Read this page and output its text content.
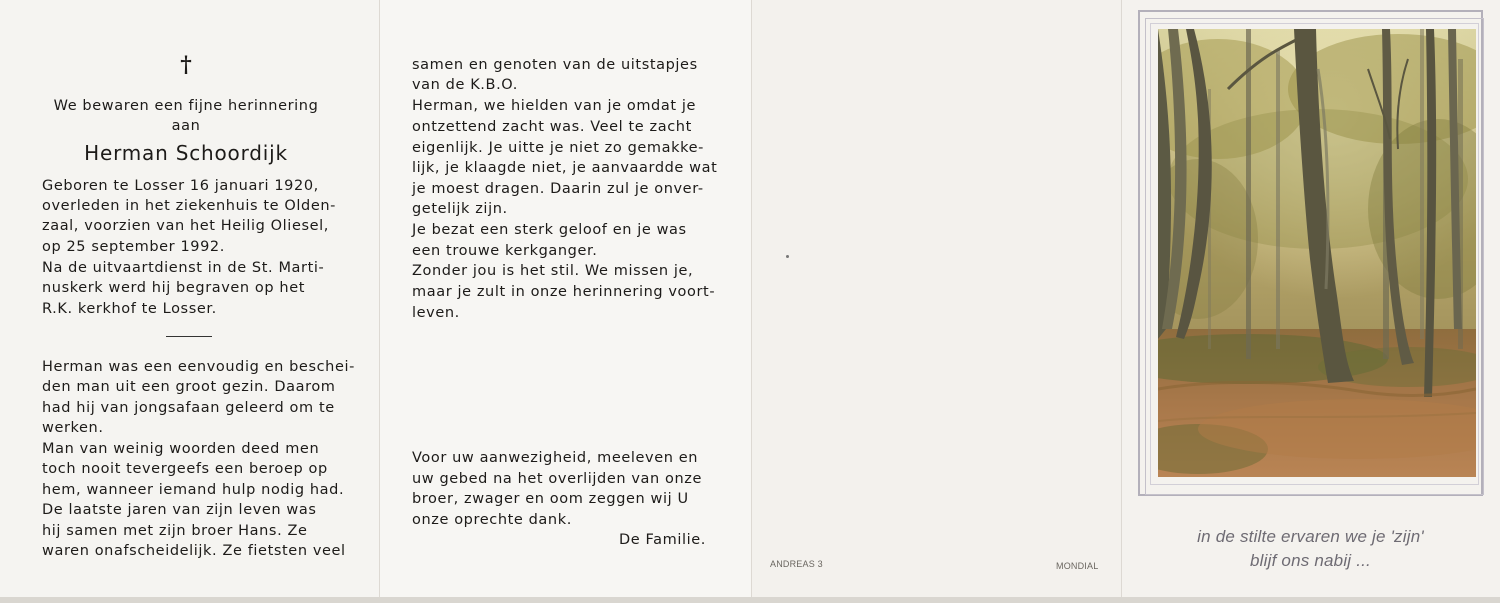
†
We bewaren een fijne herinnering
aan
Herman Schoordijk
Geboren te Losser 16 januari 1920,
overleden in het ziekenhuis te Olden-
zaal, voorzien van het Heilig Oliesel,
op 25 september 1992.
Na de uitvaartdienst in de St. Marti-
nuskerk werd hij begraven op het
R.K. kerkhof te Losser.
Herman was een eenvoudig en beschei-
den man uit een groot gezin. Daarom
had hij van jongsafaan geleerd om te
werken.
Man van weinig woorden deed men
toch nooit tevergeefs een beroep op
hem, wanneer iemand hulp nodig had.
De laatste jaren van zijn leven was
hij samen met zijn broer Hans. Ze
waren onafscheidelijk. Ze fietsten veel
samen en genoten van de uitstapjes
van de K.B.O.
Herman, we hielden van je omdat je
ontzettend zacht was. Veel te zacht
eigenlijk. Je uitte je niet zo gemakke-
lijk, je klaagde niet, je aanvaardde wat
je moest dragen. Daarin zul je onver-
getelijk zijn.
Je bezat een sterk geloof en je was
een trouwe kerkganger.
Zonder jou is het stil. We missen je,
maar je zult in onze herinnering voort-
leven.
Voor uw aanwezigheid, meeleven en
uw gebed na het overlijden van onze
broer, zwager en oom zeggen wij U
onze oprechte dank.
De Familie.
ANDREAS 3	MONDIAL
in de stilte ervaren we je 'zijn'
blijf ons nabij ...
